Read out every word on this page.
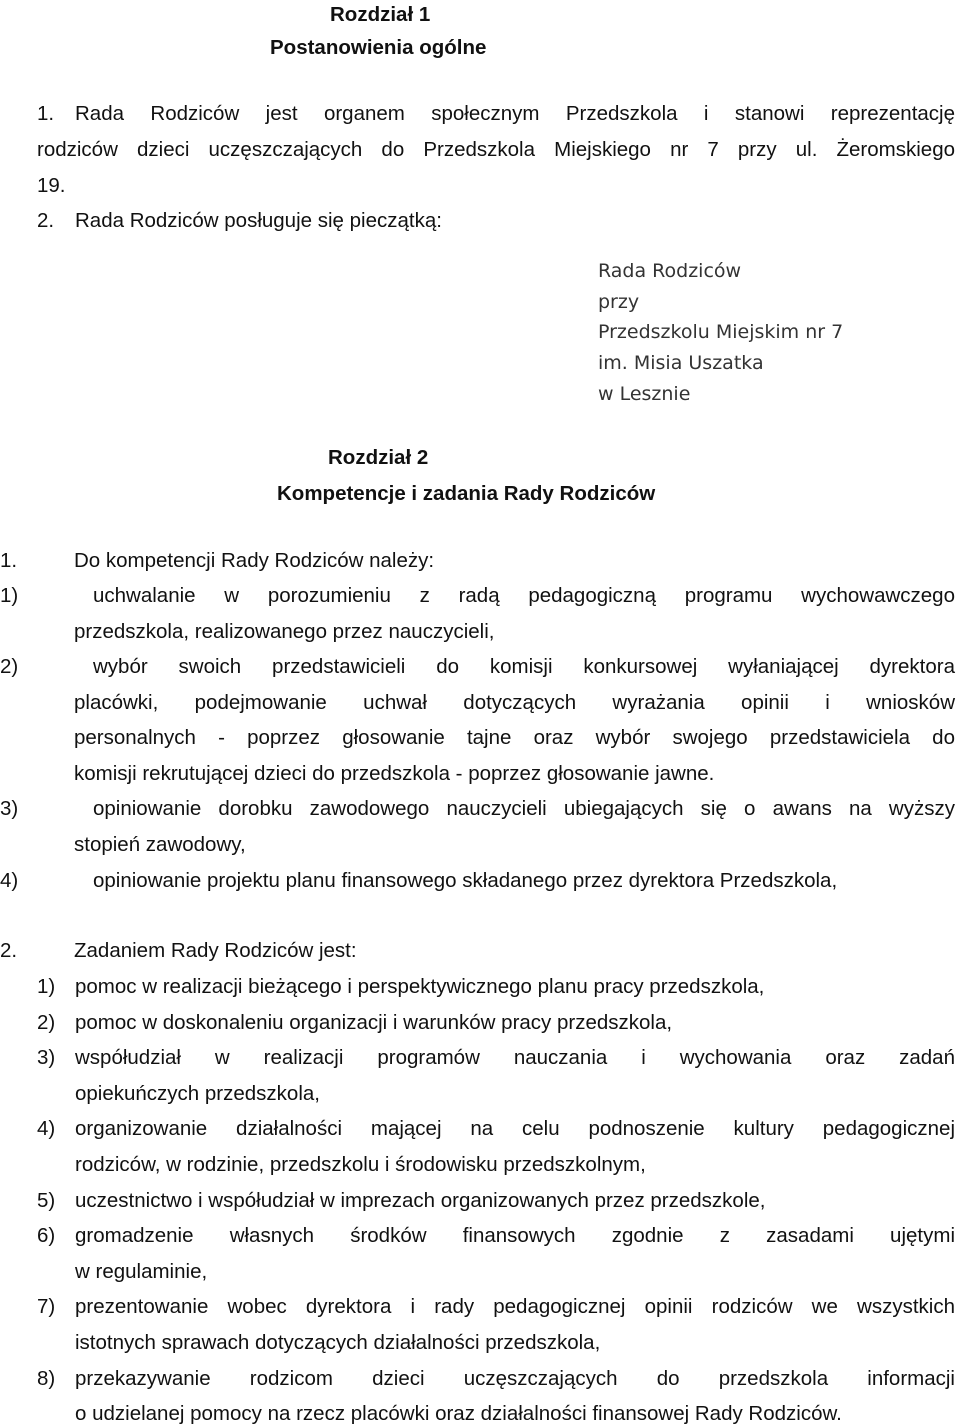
Rozdział 1
Postanowienia ogólne
1. Rada Rodziców jest organem społecznym Przedszkola i stanowi reprezentację
rodziców dzieci uczęszczających do Przedszkola Miejskiego nr 7 przy ul. Żeromskiego
19.
2. Rada Rodziców posługuje się pieczątką:
Rada Rodziców
przy
Przedszkolu Miejskim nr 7
im. Misia Uszatka
w Lesznie
Rozdział 2
Kompetencje i zadania Rady Rodziców
1.	Do kompetencji Rady Rodziców należy:
1)	uchwalanie w porozumieniu z radą pedagogiczną programu wychowawczego
przedszkola, realizowanego przez nauczycieli,
2)	wybór swoich przedstawicieli do komisji konkursowej wyłaniającej dyrektora
placówki, podejmowanie uchwał dotyczących wyrażania opinii i wniosków
personalnych - poprzez głosowanie tajne oraz wybór swojego przedstawiciela do
komisji rekrutującej dzieci do przedszkola - poprzez głosowanie jawne.
3)	opiniowanie dorobku zawodowego nauczycieli ubiegających się o awans na wyższy
stopień zawodowy,
4)	opiniowanie projektu planu finansowego składanego przez dyrektora Przedszkola,
2.	Zadaniem Rady Rodziców jest:
1) pomoc w realizacji bieżącego i perspektywicznego planu pracy przedszkola,
2) pomoc w doskonaleniu organizacji i warunków pracy przedszkola,
3) współudział w realizacji programów nauczania i wychowania oraz zadań
opiekuńczych przedszkola,
4) organizowanie działalności mającej na celu podnoszenie kultury pedagogicznej
rodziców, w rodzinie, przedszkolu i środowisku przedszkolnym,
5) uczestnictwo i współudział w imprezach organizowanych przez przedszkole,
6) gromadzenie własnych środków finansowych zgodnie z zasadami ujętymi
w regulaminie,
7) prezentowanie wobec dyrektora i rady pedagogicznej opinii rodziców we wszystkich
istotnych sprawach dotyczących działalności przedszkola,
8) przekazywanie rodzicom dzieci uczęszczających do przedszkola informacji
o udzielanej pomocy na rzecz placówki oraz działalności finansowej Rady Rodziców.
